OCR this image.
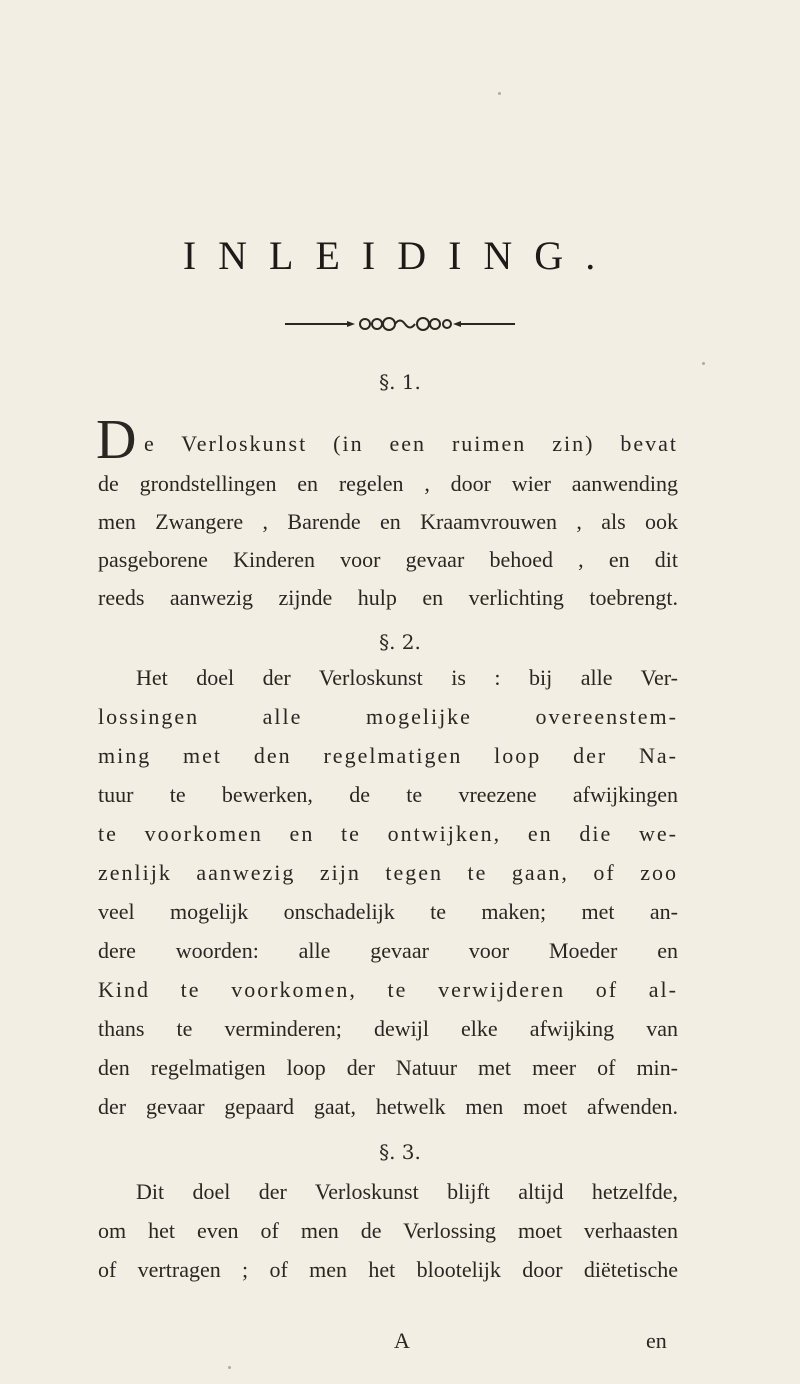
INLEIDING.
§. 1.
D e Verloskunst (in een ruimen zin) bevat
de grondstellingen en regelen , door wier aanwending
men Zwangere , Barende en Kraamvrouwen , als ook
pasgeborene Kinderen voor gevaar behoed , en dit
reeds aanwezig zijnde hulp en verlichting toebrengt.
§. 2.
Het doel der Verloskunst is : bij alle Ver-
lossingen alle mogelijke overeenstem-
ming met den regelmatigen loop der Na-
tuur te bewerken, de te vreezene afwijkingen
te voorkomen en te ontwijken, en die we-
zenlijk aanwezig zijn tegen te gaan, of zoo
veel mogelijk onschadelijk te maken; met an-
dere woorden: alle gevaar voor Moeder en
Kind te voorkomen, te verwijderen of al-
thans te verminderen; dewijl elke afwijking van
den regelmatigen loop der Natuur met meer of min-
der gevaar gepaard gaat, hetwelk men moet afwenden.
§. 3.
Dit doel der Verloskunst blijft altijd hetzelfde,
om het even of men de Verlossing moet verhaasten
of vertragen ; of men het blootelijk door diëtetische
A	en
